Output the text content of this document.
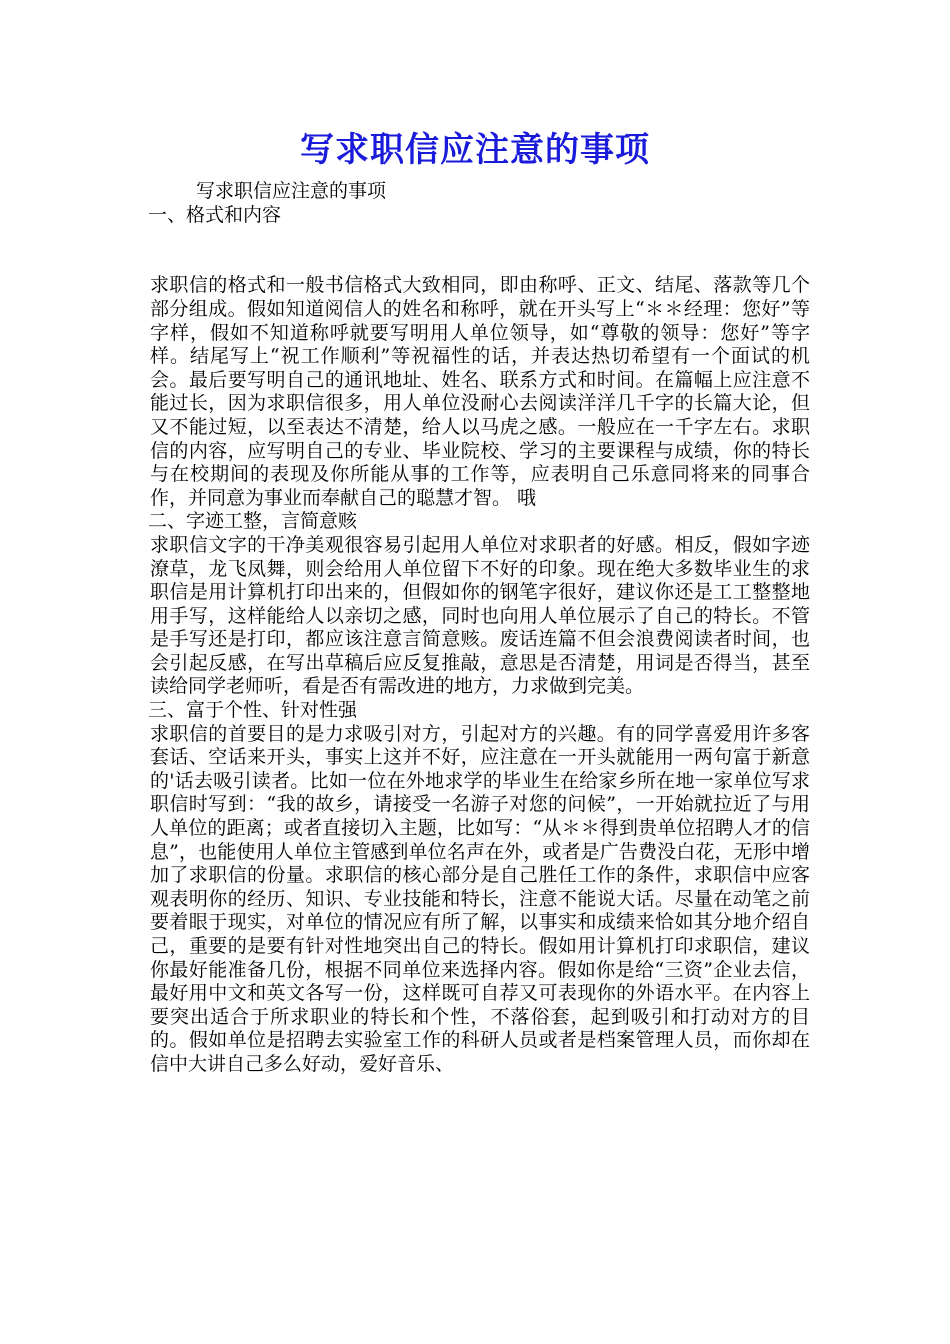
写求职信应注意的事项
写求职信应注意的事项
一、格式和内容
求职信的格式和一般书信格式大致相同，即由称呼、正文、结尾、落款等几个部分组成。假如知道阅信人的姓名和称呼，就在开头写上“＊＊经理：您好”等字样，假如不知道称呼就要写明用人单位领导，如“尊敬的领导：您好”等字样。结尾写上“祝工作顺利”等祝福性的话，并表达热切希望有一个面试的机会。最后要写明自己的通讯地址、姓名、联系方式和时间。在篇幅上应注意不能过长，因为求职信很多，用人单位没耐心去阅读洋洋几千字的长篇大论，但又不能过短，以至表达不清楚，给人以马虎之感。一般应在一千字左右。求职信的内容，应写明自己的专业、毕业院校、学习的主要课程与成绩，你的特长与在校期间的表现及你所能从事的工作等，应表明自己乐意同将来的同事合作，并同意为事业而奉献自己的聪慧才智。 哦
二、字迹工整，言简意赅
求职信文字的干净美观很容易引起用人单位对求职者的好感。相反，假如字迹潦草，龙飞凤舞，则会给用人单位留下不好的印象。现在绝大多数毕业生的求职信是用计算机打印出来的，但假如你的钢笔字很好，建议你还是工工整整地用手写，这样能给人以亲切之感，同时也向用人单位展示了自己的特长。不管是手写还是打印，都应该注意言简意赅。废话连篇不但会浪费阅读者时间，也会引起反感，在写出草稿后应反复推敲，意思是否清楚，用词是否得当，甚至读给同学老师听，看是否有需改进的地方，力求做到完美。
三、富于个性、针对性强
求职信的首要目的是力求吸引对方，引起对方的兴趣。有的同学喜爱用许多客套话、空话来开头，事实上这并不好，应注意在一开头就能用一两句富于新意的'话去吸引读者。比如一位在外地求学的毕业生在给家乡所在地一家单位写求职信时写到：“我的故乡，请接受一名游子对您的问候”，一开始就拉近了与用人单位的距离；或者直接切入主题，比如写：“从＊＊得到贵单位招聘人才的信息”，也能使用人单位主管感到单位名声在外，或者是广告费没白花，无形中增加了求职信的份量。求职信的核心部分是自己胜任工作的条件，求职信中应客观表明你的经历、知识、专业技能和特长，注意不能说大话。尽量在动笔之前要着眼于现实，对单位的情况应有所了解，以事实和成绩来恰如其分地介绍自己，重要的是要有针对性地突出自己的特长。假如用计算机打印求职信，建议你最好能准备几份，根据不同单位来选择内容。假如你是给“三资”企业去信，最好用中文和英文各写一份，这样既可自荐又可表现你的外语水平。在内容上要突出适合于所求职业的特长和个性，不落俗套，起到吸引和打动对方的目的。假如单位是招聘去实验室工作的科研人员或者是档案管理人员，而你却在信中大讲自己多么好动，爱好音乐、
